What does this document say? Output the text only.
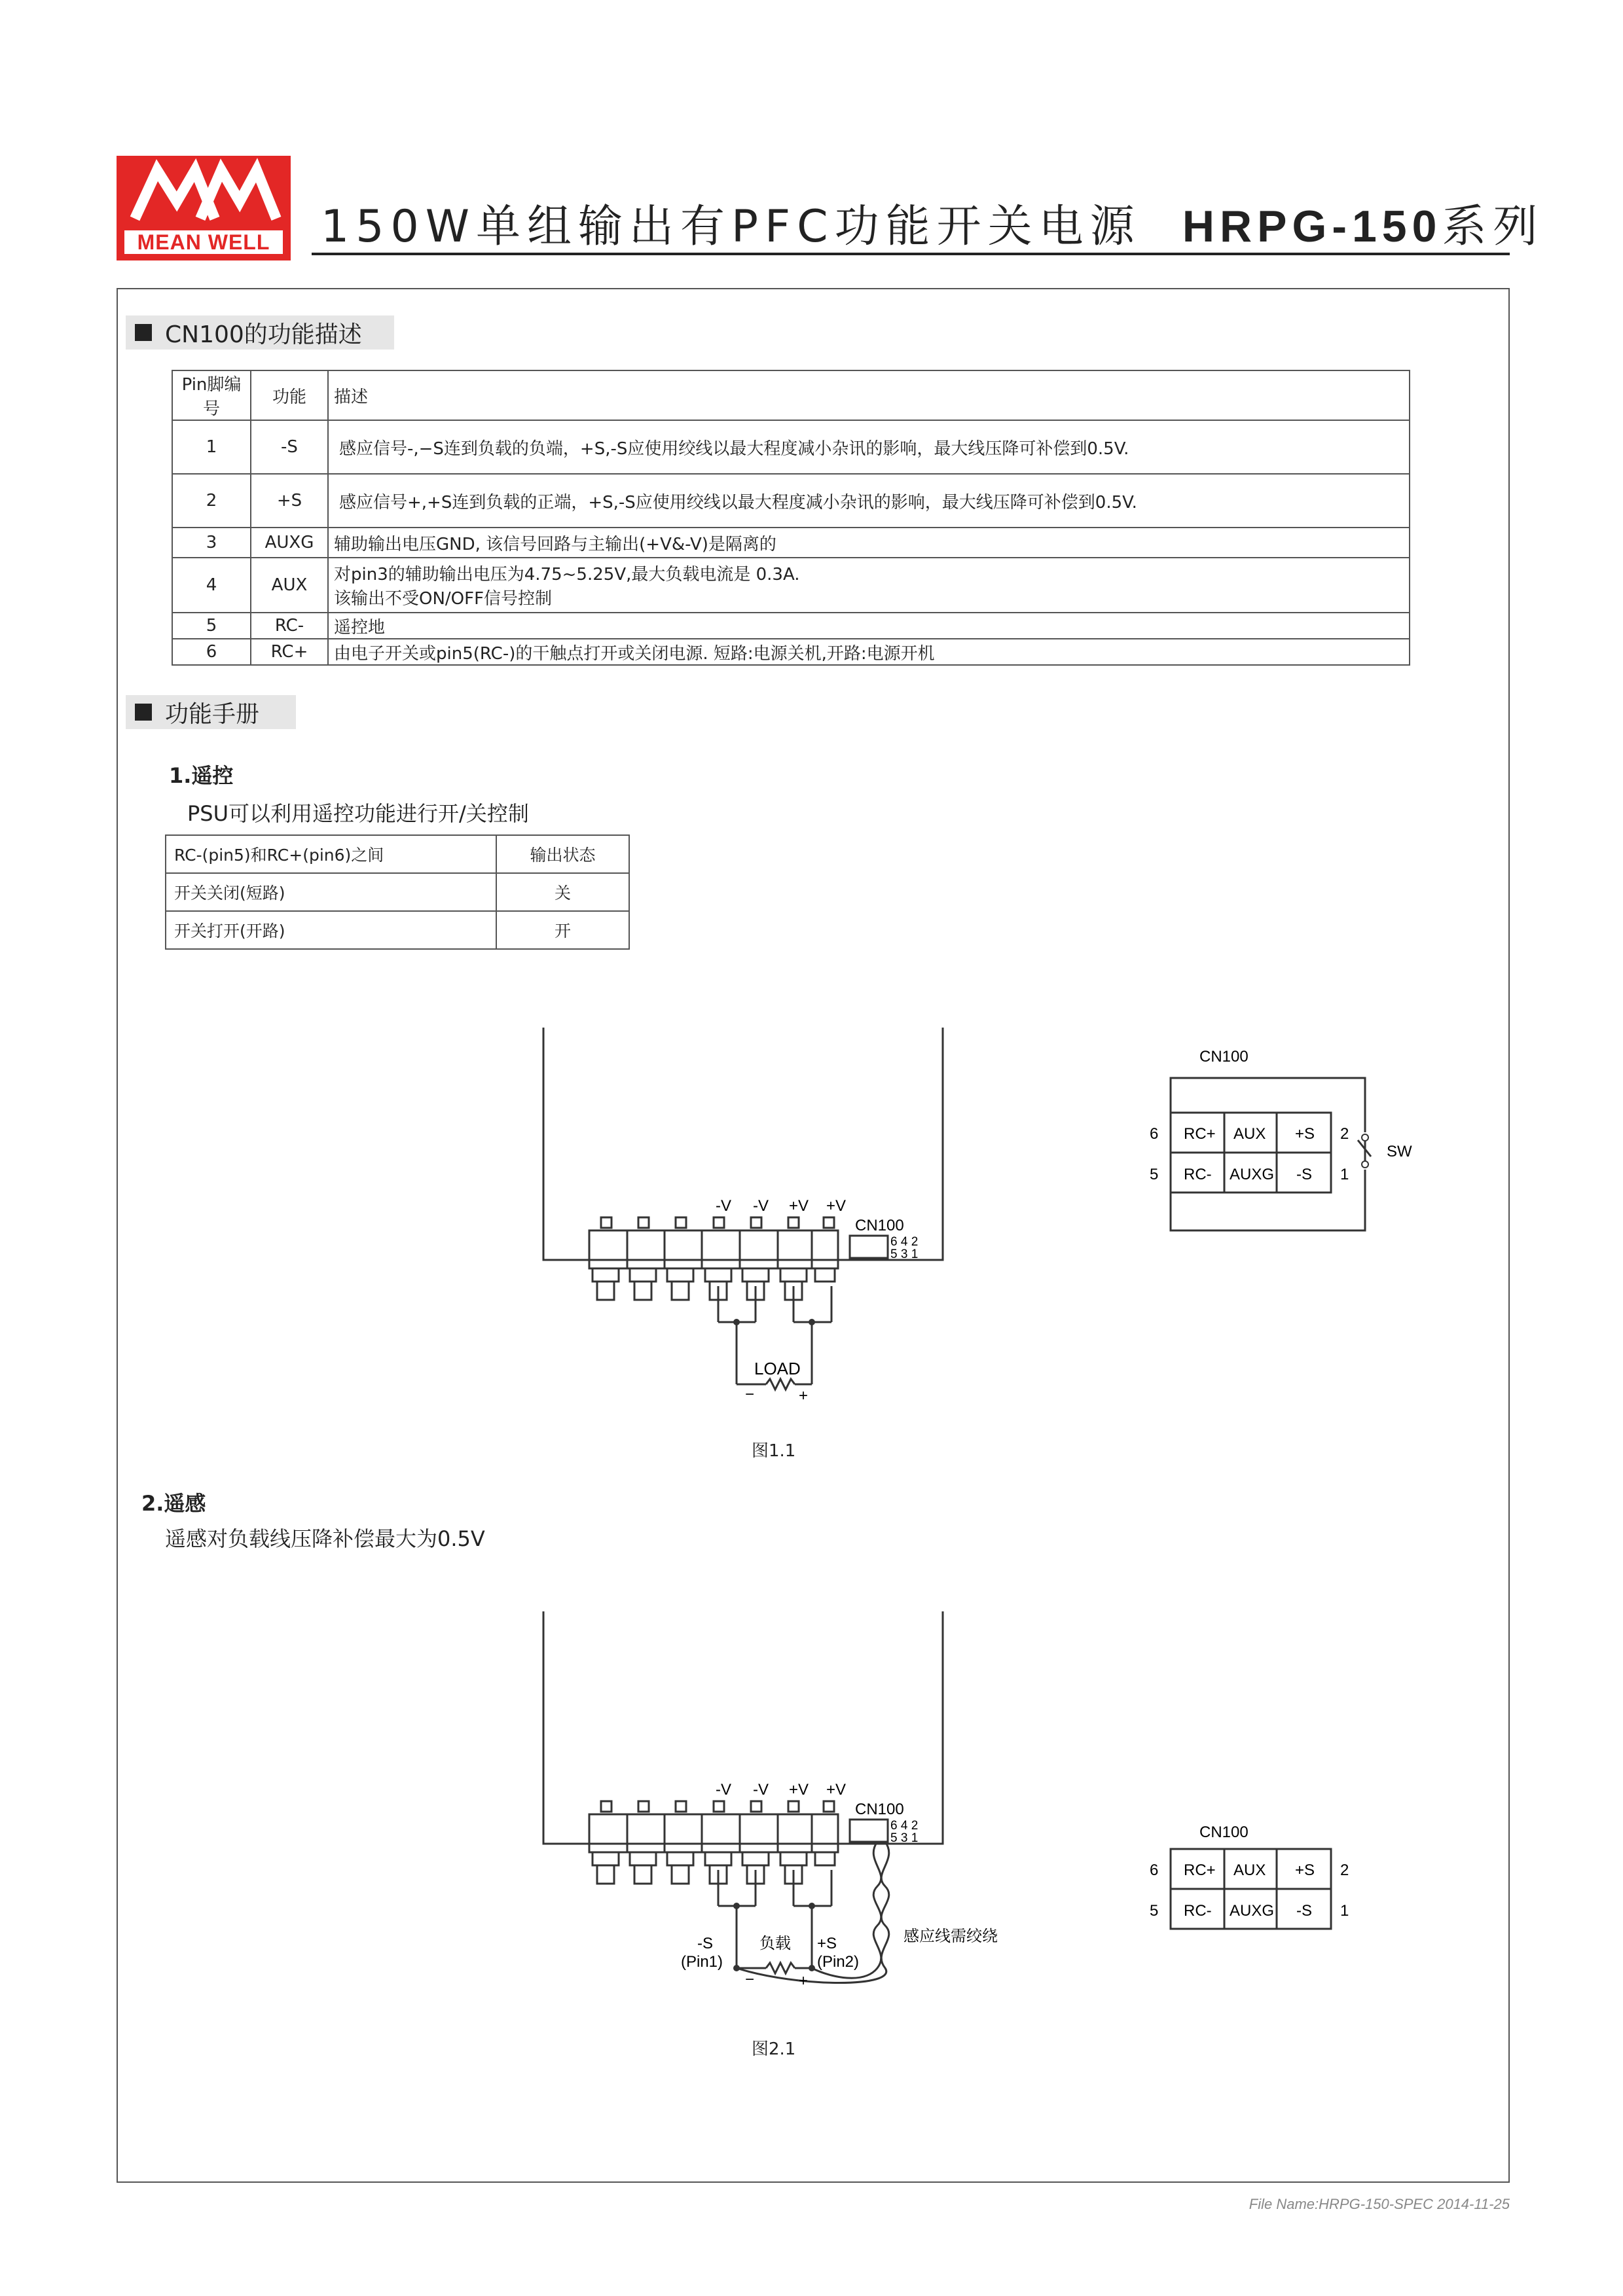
MEAN WELL 150W单组输出有PFC功能开关电源 HRPG-150系列
CN100的功能描述
Pin脚编号	功能	描述
1	-S	感应信号-,−S连到负载的负端，+S,-S应使用绞线以最大程度减小杂讯的影响，最大线压降可补偿到0.5V.
2	+S	感应信号+,+S连到负载的正端，+S,-S应使用绞线以最大程度减小杂讯的影响，最大线压降可补偿到0.5V.
3	AUXG	辅助输出电压GND, 该信号回路与主输出(+V&-V)是隔离的
4	AUX	对pin3的辅助输出电压为4.75~5.25V,最大负载电流是 0.3A.
该输出不受ON/OFF信号控制

5	RC-	遥控地
6	RC+	由电子开关或pin5(RC-)的干触点打开或关闭电源. 短路:电源关机,开路:电源开机
功能手册
1.遥控
PSU可以利用遥控功能进行开/关控制
RC-(pin5)和RC+(pin6)之间	输出状态
开关关闭(短路)	关
开关打开(开路)	开
-V -V +V +V
CN100
6 4 2
5 3 1
LOAD
−	+
图1.1
CN100
6 RC+ AUX +S 2
5 RC- AUXG -S 1
SW
2.遥感
遥感对负载线压降补偿最大为0.5V
-V -V +V +V
CN100
6 4 2
5 3 1
-S
(Pin1)
负载 +S
(Pin2)
−	+
感应线需绞绕
图2.1
CN100
6 RC+ AUX +S 2
5 RC- AUXG -S 1
File Name:HRPG-150-SPEC 2014-11-25
